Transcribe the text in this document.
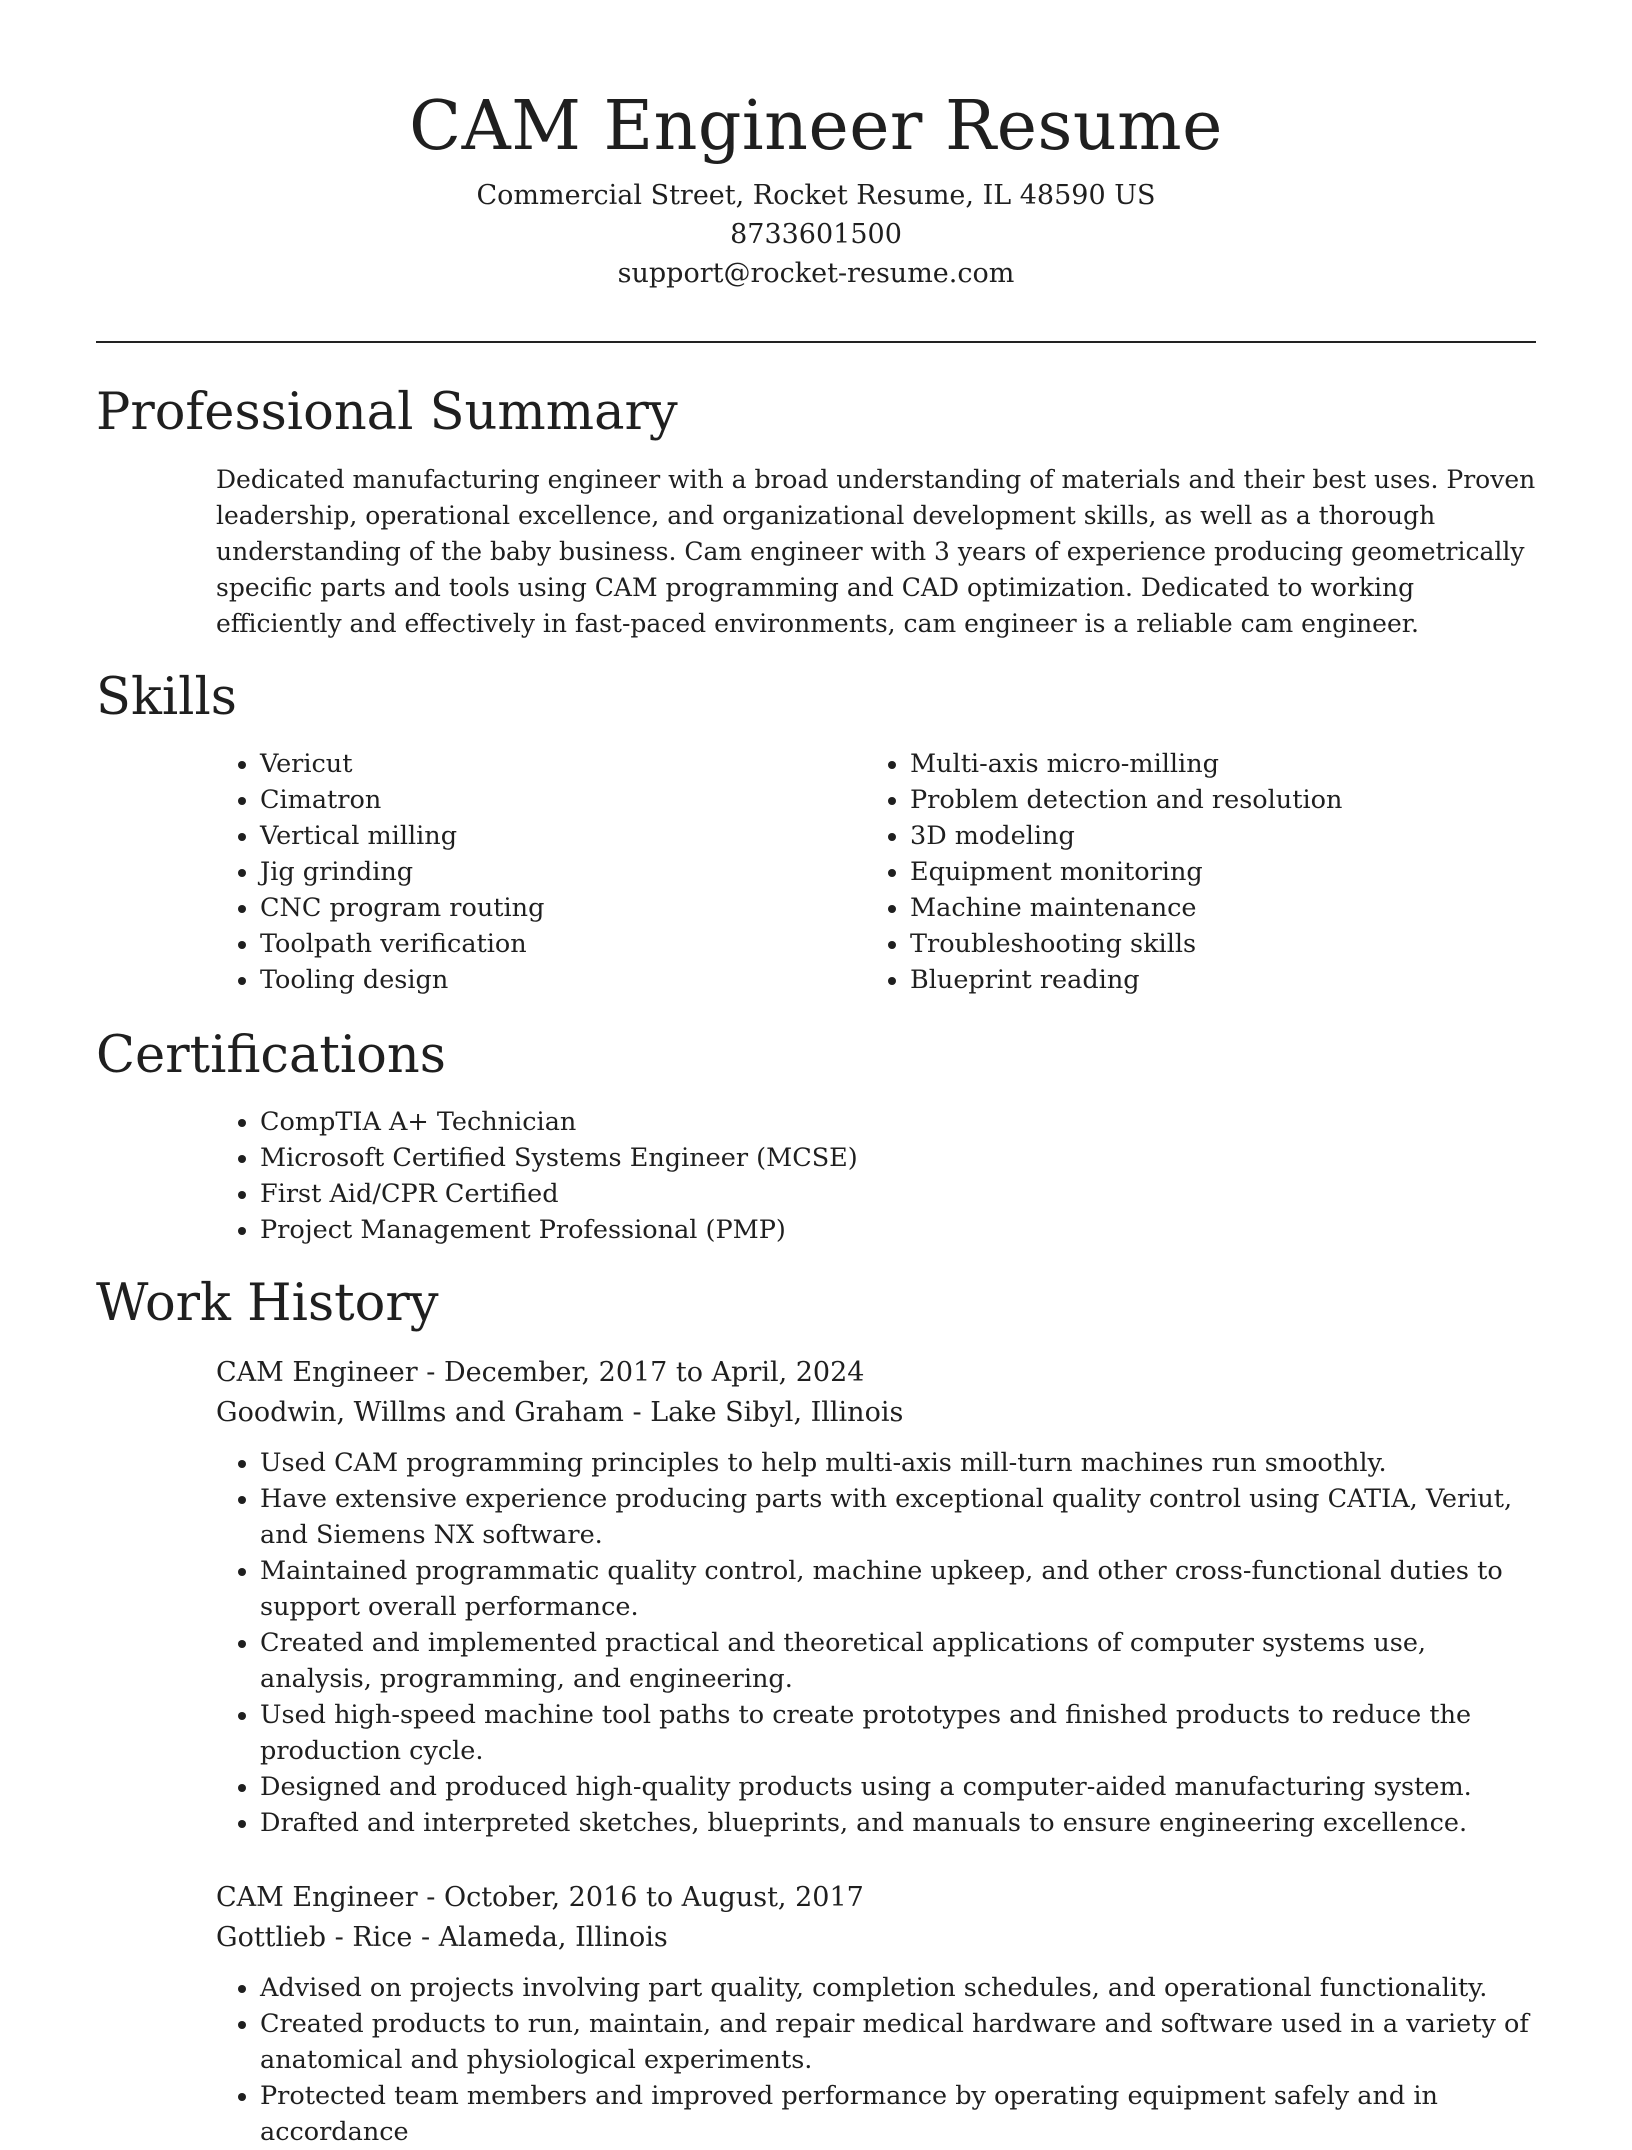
CAM Engineer Resume

Commercial Street, Rocket Resume, IL 48590 US

8733601500

support@rocket-resume.com

Professional Summary

Dedicated manufacturing engineer with a broad understanding of materials and their best uses. Proven leadership, operational excellence, and organizational development skills, as well as a thorough understanding of the baby business. Cam engineer with 3 years of experience producing geometrically specific parts and tools using CAM programming and CAD optimization. Dedicated to working efficiently and effectively in fast-paced environments, cam engineer is a reliable cam engineer.

Skills
• Vericut
• Cimatron
• Vertical milling
• Jig grinding
• CNC program routing
• Toolpath verification
• Tooling design
• Multi-axis micro-milling
• Problem detection and resolution
• 3D modeling
• Equipment monitoring
• Machine maintenance
• Troubleshooting skills
• Blueprint reading
Certifications
• CompTIA A+ Technician
• Microsoft Certified Systems Engineer (MCSE)
• First Aid/CPR Certified
• Project Management Professional (PMP)
Work History

CAM Engineer - December, 2017 to April, 2024

Goodwin, Willms and Graham - Lake Sibyl, Illinois

• Used CAM programming principles to help multi-axis mill-turn machines run smoothly.
• Have extensive experience producing parts with exceptional quality control using CATIA, Veriut, and Siemens NX software.
• Maintained programmatic quality control, machine upkeep, and other cross-functional duties to support overall performance.
• Created and implemented practical and theoretical applications of computer systems use, analysis, programming, and engineering.
• Used high-speed machine tool paths to create prototypes and finished products to reduce the production cycle.
• Designed and produced high-quality products using a computer-aided manufacturing system.
• Drafted and interpreted sketches, blueprints, and manuals to ensure engineering excellence.

CAM Engineer - October, 2016 to August, 2017

Gottlieb - Rice - Alameda, Illinois

• Advised on projects involving part quality, completion schedules, and operational functionality.
• Created products to run, maintain, and repair medical hardware and software used in a variety of anatomical and physiological experiments.
• Protected team members and improved performance by operating equipment safely and in accordance
